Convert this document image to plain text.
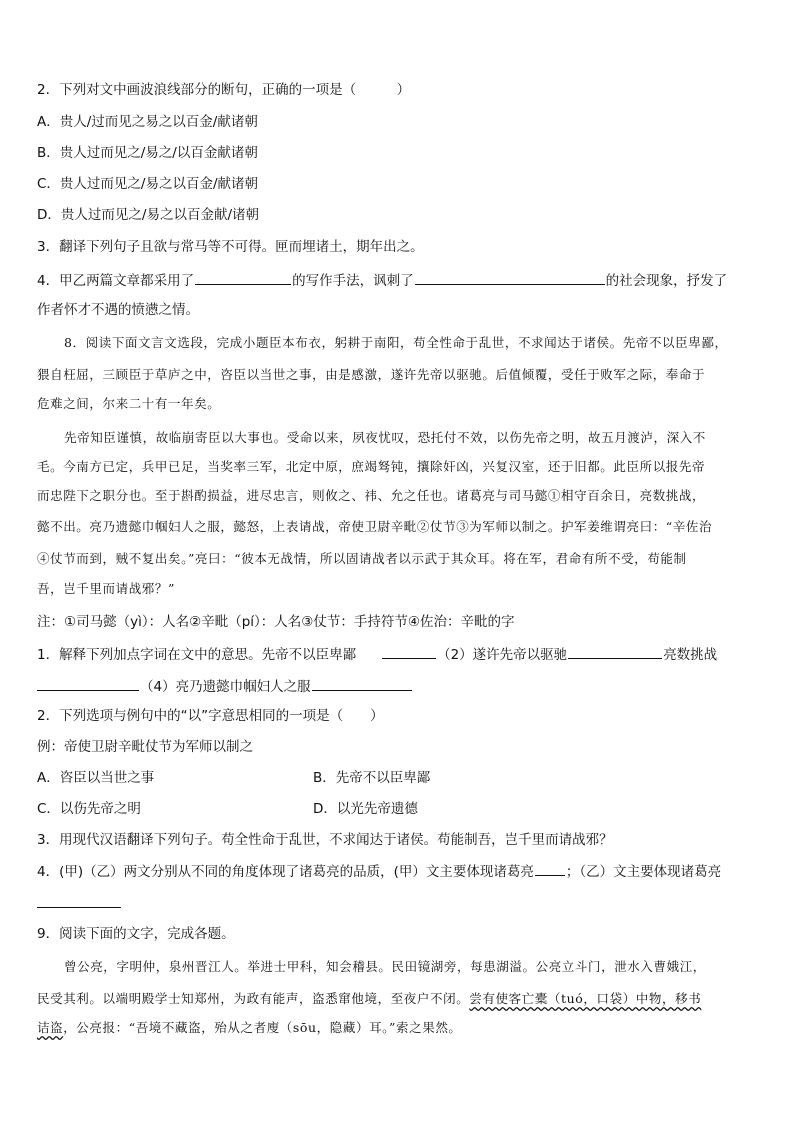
2．下列对文中画波浪线部分的断句，正确的一项是（　　　）
A．贵人/过而见之易之以百金/献诸朝
B．贵人过而见之/易之/以百金献诸朝
C．贵人过而见之/易之以百金/献诸朝
D．贵人过而见之/易之以百金献/诸朝
3．翻译下列句子且欲与常马等不可得。匣而埋诸土，期年出之。
4．甲乙两篇文章都采用了	的写作手法，讽刺了	的社会现象，抒发了
作者怀才不遇的愤懑之情。
8．阅读下面文言文选段，完成小题臣本布衣，躬耕于南阳，苟全性命于乱世，不求闻达于诸侯。先帝不以臣卑鄙，
猥自枉屈，三顾臣于草庐之中，咨臣以当世之事，由是感激，遂许先帝以驱驰。后值倾覆，受任于败军之际，奉命于
危难之间，尔来二十有一年矣。
先帝知臣谨慎，故临崩寄臣以大事也。受命以来，夙夜忧叹，恐托付不效，以伤先帝之明，故五月渡泸，深入不
毛。今南方已定，兵甲已足，当奖率三军，北定中原，庶竭驽钝，攘除奸凶，兴复汉室，还于旧都。此臣所以报先帝
而忠陛下之职分也。至于斟酌损益，进尽忠言，则攸之、祎、允之任也。诸葛亮与司马懿①相守百余日，亮数挑战，
懿不出。亮乃遗懿巾帼妇人之服，懿怒，上表请战，帝使卫尉辛毗②仗节③为军师以制之。护军姜维谓亮曰：“辛佐治
④仗节而到，贼不复出矣。”亮曰：“彼本无战情，所以固请战者以示武于其众耳。将在军，君命有所不受，苟能制
吾，岂千里而请战邪？”
注：①司马懿（yì）：人名②辛毗（pí）：人名③仗节：手持符节④佐治：辛毗的字
1．解释下列加点字词在文中的意思。先帝不以臣卑鄙	（2）遂许先帝以驱驰	亮数挑战
（4）亮乃遗懿巾帼妇人之服
2．下列选项与例句中的“以”字意思相同的一项是（　　）
例：帝使卫尉辛毗仗节为军师以制之
A．咨臣以当世之事	B．先帝不以臣卑鄙
C．以伤先帝之明	D．以光先帝遗德
3．用现代汉语翻译下列句子。苟全性命于乱世，不求闻达于诸侯。苟能制吾，岂千里而请战邪？
4．(甲)（乙）两文分别从不同的角度体现了诸葛亮的品质，(甲）文主要体现诸葛亮 ；（乙）文主要体现诸葛亮
9．阅读下面的文字，完成各题。
曾公亮，字明仲，泉州晋江人。举进士甲科，知会稽县。民田镜湖旁，每患湖溢。公亮立斗门，泄水入曹娥江，
民受其利。以端明殿学士知郑州，为政有能声，盗悉窜他境，至夜户不闭。尝有使客亡橐（tuó，口袋）中物，移书
诘盗，公亮报：“吾境不藏盗，殆从之者廋（sōu，隐藏）耳。”索之果然。
